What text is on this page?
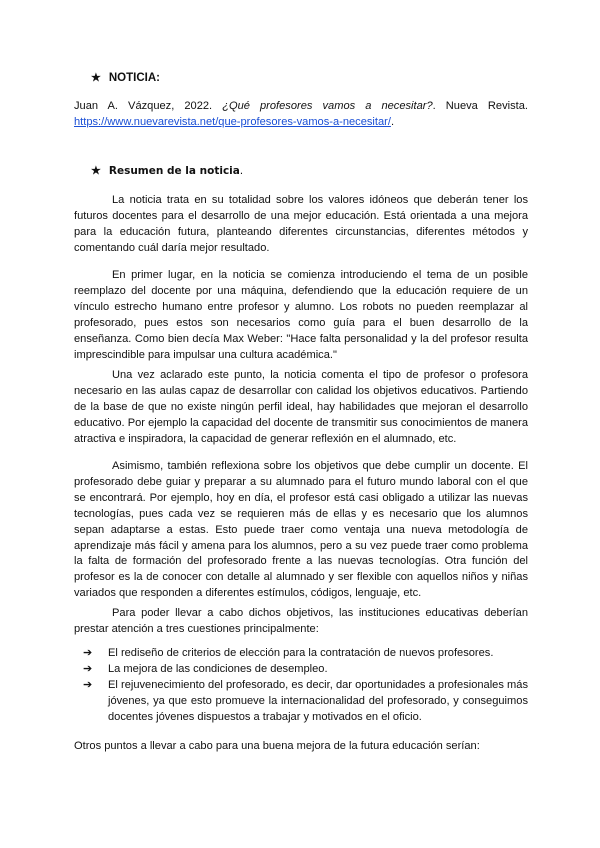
★ NOTICIA:

Juan A. Vázquez, 2022. ¿Qué profesores vamos a necesitar?. Nueva Revista. https://www.nuevarevista.net/que-profesores-vamos-a-necesitar/.

★ Resumen de la noticia .

La noticia trata en su totalidad sobre los valores idóneos que deberán tener los futuros docentes para el desarrollo de una mejor educación. Está orientada a una mejora para la educación futura, planteando diferentes circunstancias, diferentes métodos y comentando cuál daría mejor resultado.

En primer lugar, en la noticia se comienza introduciendo el tema de un posible reemplazo del docente por una máquina, defendiendo que la educación requiere de un vínculo estrecho humano entre profesor y alumno. Los robots no pueden reemplazar al profesorado, pues estos son necesarios como guía para el buen desarrollo de la enseñanza. Como bien decía Max Weber: "Hace falta personalidad y la del profesor resulta imprescindible para impulsar una cultura académica."

Una vez aclarado este punto, la noticia comenta el tipo de profesor o profesora necesario en las aulas capaz de desarrollar con calidad los objetivos educativos. Partiendo de la base de que no existe ningún perfil ideal, hay habilidades que mejoran el desarrollo educativo. Por ejemplo la capacidad del docente de transmitir sus conocimientos de manera atractiva e inspiradora, la capacidad de generar reflexión en el alumnado, etc.

Asimismo, también reflexiona sobre los objetivos que debe cumplir un docente. El profesorado debe guiar y preparar a su alumnado para el futuro mundo laboral con el que se encontrará. Por ejemplo, hoy en día, el profesor está casi obligado a utilizar las nuevas tecnologías, pues cada vez se requieren más de ellas y es necesario que los alumnos sepan adaptarse a estas. Esto puede traer como ventaja una nueva metodología de aprendizaje más fácil y amena para los alumnos, pero a su vez puede traer como problema la falta de formación del profesorado frente a las nuevas tecnologías. Otra función del profesor es la de conocer con detalle al alumnado y ser flexible con aquellos niños y niñas variados que responden a diferentes estímulos, códigos, lenguaje, etc.

Para poder llevar a cabo dichos objetivos, las instituciones educativas deberían prestar atención a tres cuestiones principalmente:

➔ El rediseño de criterios de elección para la contratación de nuevos profesores.
➔ La mejora de las condiciones de desempleo.
➔ El rejuvenecimiento del profesorado, es decir, dar oportunidades a profesionales más jóvenes, ya que esto promueve la internacionalidad del profesorado, y conseguimos docentes jóvenes dispuestos a trabajar y motivados en el oficio.

Otros puntos a llevar a cabo para una buena mejora de la futura educación serían:
